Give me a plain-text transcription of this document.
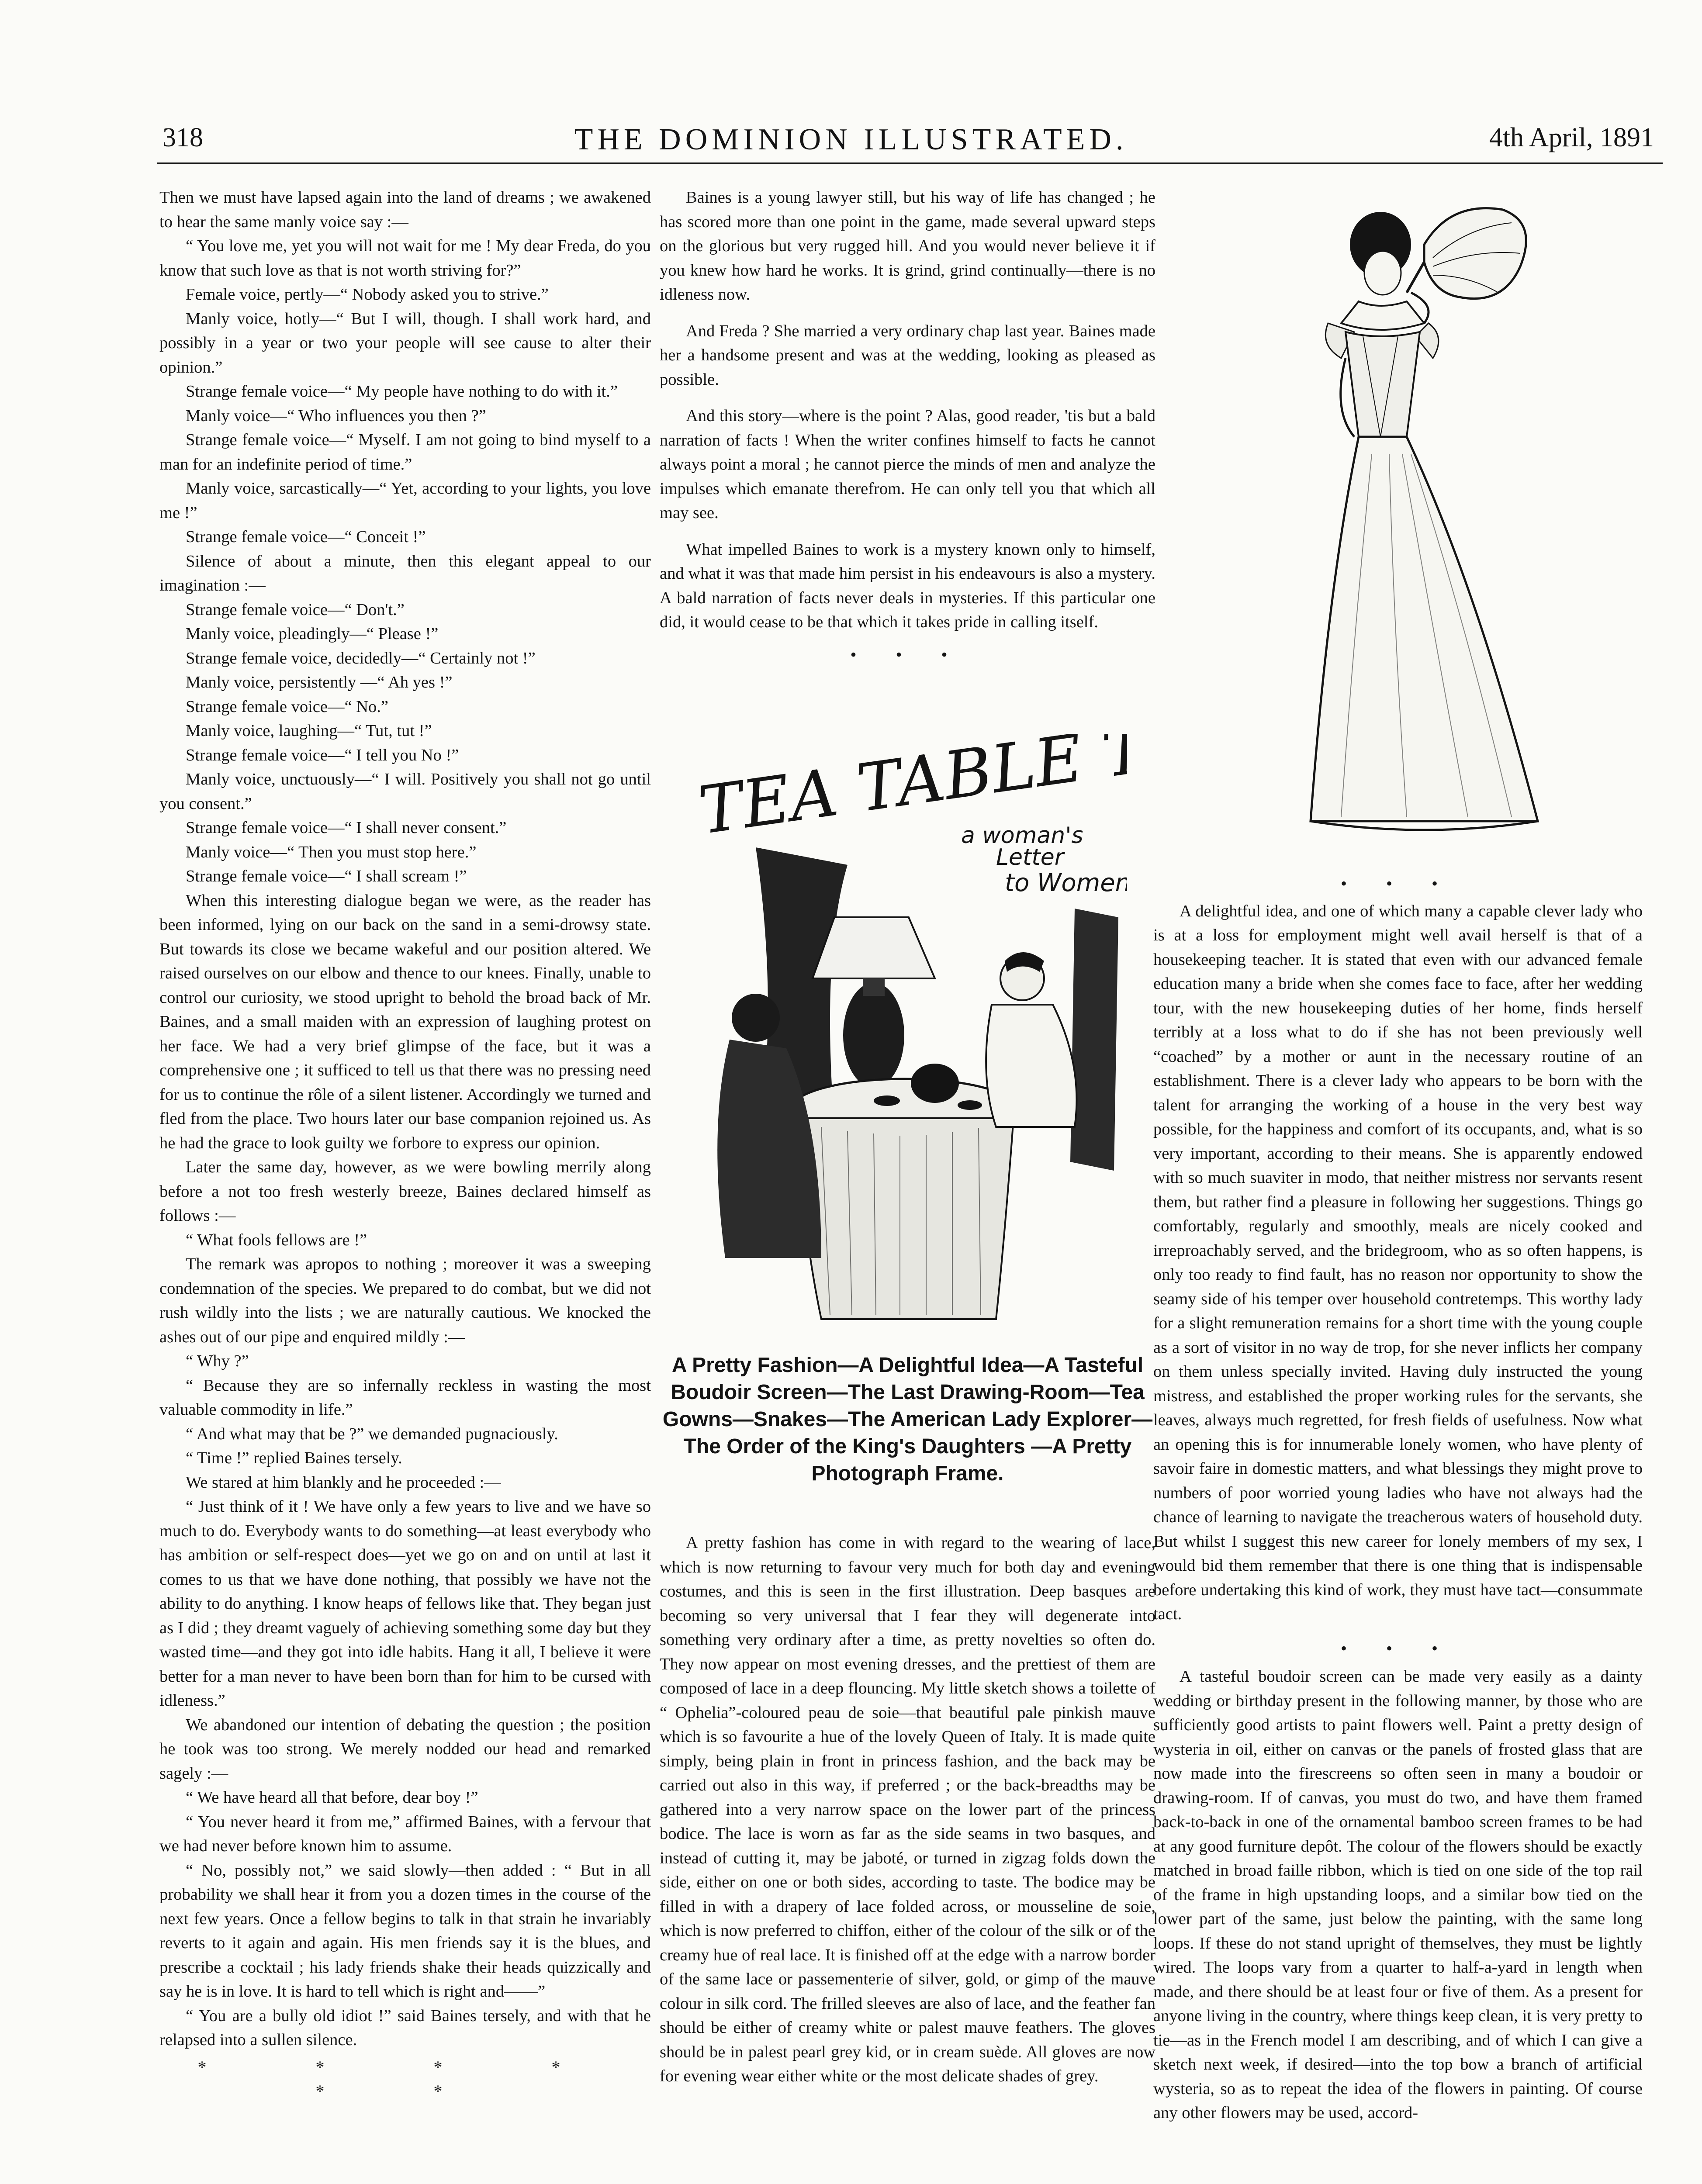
318	THE DOMINION ILLUSTRATED.	4th April, 1891

Then we must have lapsed again into the land of dreams ; we awakened to hear the same manly voice say :—

“ You love me, yet you will not wait for me ! My dear Freda, do you know that such love as that is not worth striving for?”

Female voice, pertly—“ Nobody asked you to strive.”

Manly voice, hotly—“ But I will, though. I shall work hard, and possibly in a year or two your people will see cause to alter their opinion.”

Strange female voice—“ My people have nothing to do with it.”

Manly voice—“ Who influences you then ?”

Strange female voice—“ Myself. I am not going to bind myself to a man for an indefinite period of time.”

Manly voice, sarcastically—“ Yet, according to your lights, you love me !”

Strange female voice—“ Conceit !”

Silence of about a minute, then this elegant appeal to our imagination :—

Strange female voice—“ Don't.”

Manly voice, pleadingly—“ Please !”

Strange female voice, decidedly—“ Certainly not !”

Manly voice, persistently —“ Ah yes !”

Strange female voice—“ No.”

Manly voice, laughing—“ Tut, tut !”

Strange female voice—“ I tell you No !”

Manly voice, unctuously—“ I will. Positively you shall not go until you consent.”

Strange female voice—“ I shall never consent.”

Manly voice—“ Then you must stop here.”

Strange female voice—“ I shall scream !”

When this interesting dialogue began we were, as the reader has been informed, lying on our back on the sand in a semi-drowsy state. But towards its close we became wakeful and our position altered. We raised ourselves on our elbow and thence to our knees. Finally, unable to control our curiosity, we stood upright to behold the broad back of Mr. Baines, and a small maiden with an expression of laughing protest on her face. We had a very brief glimpse of the face, but it was a comprehensive one ; it sufficed to tell us that there was no pressing need for us to continue the rôle of a silent listener. Accordingly we turned and fled from the place. Two hours later our base companion rejoined us. As he had the grace to look guilty we forbore to express our opinion.

Later the same day, however, as we were bowling merrily along before a not too fresh westerly breeze, Baines declared himself as follows :—

“ What fools fellows are !”

The remark was apropos to nothing ; moreover it was a sweeping condemnation of the species. We prepared to do combat, but we did not rush wildly into the lists ; we are naturally cautious. We knocked the ashes out of our pipe and enquired mildly :—

“ Why ?”

“ Because they are so infernally reckless in wasting the most valuable commodity in life.”

“ And what may that be ?” we demanded pugnaciously.

“ Time !” replied Baines tersely.

We stared at him blankly and he proceeded :—

“ Just think of it ! We have only a few years to live and we have so much to do. Everybody wants to do something—at least everybody who has ambition or self-respect does—yet we go on and on until at last it comes to us that we have done nothing, that possibly we have not the ability to do anything. I know heaps of fellows like that. They began just as I did ; they dreamt vaguely of achieving something some day but they wasted time—and they got into idle habits. Hang it all, I believe it were better for a man never to have been born than for him to be cursed with idleness.”

We abandoned our intention of debating the question ; the position he took was too strong. We merely nodded our head and remarked sagely :—

“ We have heard all that before, dear boy !”

“ You never heard it from me,” affirmed Baines, with a fervour that we had never before known him to assume.

“ No, possibly not,” we said slowly—then added : “ But in all probability we shall hear it from you a dozen times in the course of the next few years. Once a fellow begins to talk in that strain he invariably reverts to it again and again. His men friends say it is the blues, and prescribe a cocktail ; his lady friends shake their heads quizzically and say he is in love. It is hard to tell which is right and——”

“ You are a bully old idiot !” said Baines tersely, and with that he relapsed into a sullen silence.

* * * * * *

Baines is a young lawyer still, but his way of life has changed ; he has scored more than one point in the game, made several upward steps on the glorious but very rugged hill. And you would never believe it if you knew how hard he works. It is grind, grind continually—there is no idleness now.

And Freda ? She married a very ordinary chap last year. Baines made her a handsome present and was at the wedding, looking as pleased as possible.

And this story—where is the point ? Alas, good reader, 'tis but a bald narration of facts ! When the writer confines himself to facts he cannot always point a moral ; he cannot pierce the minds of men and analyze the impulses which emanate therefrom. He can only tell you that which all may see.

What impelled Baines to work is a mystery known only to himself, and what it was that made him persist in his endeavours is also a mystery. A bald narration of facts never deals in mysteries. If this particular one did, it would cease to be that which it takes pride in calling itself.

• • •
TEA TABLE TALK
a woman's
Letter
to Women
A Pretty Fashion—A Delightful Idea—A Tasteful Boudoir Screen—The Last Drawing-Room—Tea Gowns—Snakes—The American Lady Explorer—The Order of the King's Daughters —A Pretty Photograph Frame.

A pretty fashion has come in with regard to the wearing of lace, which is now returning to favour very much for both day and evening costumes, and this is seen in the first illustration. Deep basques are becoming so very universal that I fear they will degenerate into something very ordinary after a time, as pretty novelties so often do. They now appear on most evening dresses, and the prettiest of them are composed of lace in a deep flouncing. My little sketch shows a toilette of “ Ophelia”-coloured peau de soie—that beautiful pale pinkish mauve which is so favourite a hue of the lovely Queen of Italy. It is made quite simply, being plain in front in princess fashion, and the back may be carried out also in this way, if preferred ; or the back-breadths may be gathered into a very narrow space on the lower part of the princess bodice. The lace is worn as far as the side seams in two basques, and instead of cutting it, may be jaboté, or turned in zigzag folds down the side, either on one or both sides, according to taste. The bodice may be filled in with a drapery of lace folded across, or mousseline de soie, which is now preferred to chiffon, either of the colour of the silk or of the creamy hue of real lace. It is finished off at the edge with a narrow border of the same lace or passementerie of silver, gold, or gimp of the mauve colour in silk cord. The frilled sleeves are also of lace, and the feather fan should be either of creamy white or palest mauve feathers. The gloves should be in palest pearl grey kid, or in cream suède. All gloves are now for evening wear either white or the most delicate shades of grey.

• • •

A delightful idea, and one of which many a capable clever lady who is at a loss for employment might well avail herself is that of a housekeeping teacher. It is stated that even with our advanced female education many a bride when she comes face to face, after her wedding tour, with the new housekeeping duties of her home, finds herself terribly at a loss what to do if she has not been previously well “coached” by a mother or aunt in the necessary routine of an establishment. There is a clever lady who appears to be born with the talent for arranging the working of a house in the very best way possible, for the happiness and comfort of its occupants, and, what is so very important, according to their means. She is apparently endowed with so much suaviter in modo, that neither mistress nor servants resent them, but rather find a pleasure in following her suggestions. Things go comfortably, regularly and smoothly, meals are nicely cooked and irreproachably served, and the bridegroom, who as so often happens, is only too ready to find fault, has no reason nor opportunity to show the seamy side of his temper over household contretemps. This worthy lady for a slight remuneration remains for a short time with the young couple as a sort of visitor in no way de trop, for she never inflicts her company on them unless specially invited. Having duly instructed the young mistress, and established the proper working rules for the servants, she leaves, always much regretted, for fresh fields of usefulness. Now what an opening this is for innumerable lonely women, who have plenty of savoir faire in domestic matters, and what blessings they might prove to numbers of poor worried young ladies who have not always had the chance of learning to navigate the treacherous waters of household duty. But whilst I suggest this new career for lonely members of my sex, I would bid them remember that there is one thing that is indispensable before undertaking this kind of work, they must have tact—consummate tact.

• • •

A tasteful boudoir screen can be made very easily as a dainty wedding or birthday present in the following manner, by those who are sufficiently good artists to paint flowers well. Paint a pretty design of wysteria in oil, either on canvas or the panels of frosted glass that are now made into the firescreens so often seen in many a boudoir or drawing-room. If of canvas, you must do two, and have them framed back-to-back in one of the ornamental bamboo screen frames to be had at any good furniture depôt. The colour of the flowers should be exactly matched in broad faille ribbon, which is tied on one side of the top rail of the frame in high upstanding loops, and a similar bow tied on the lower part of the same, just below the painting, with the same long loops. If these do not stand upright of themselves, they must be lightly wired. The loops vary from a quarter to half-a-yard in length when made, and there should be at least four or five of them. As a present for anyone living in the country, where things keep clean, it is very pretty to tie—as in the French model I am describing, and of which I can give a sketch next week, if desired—into the top bow a branch of artificial wysteria, so as to repeat the idea of the flowers in painting. Of course any other flowers may be used, accord-
